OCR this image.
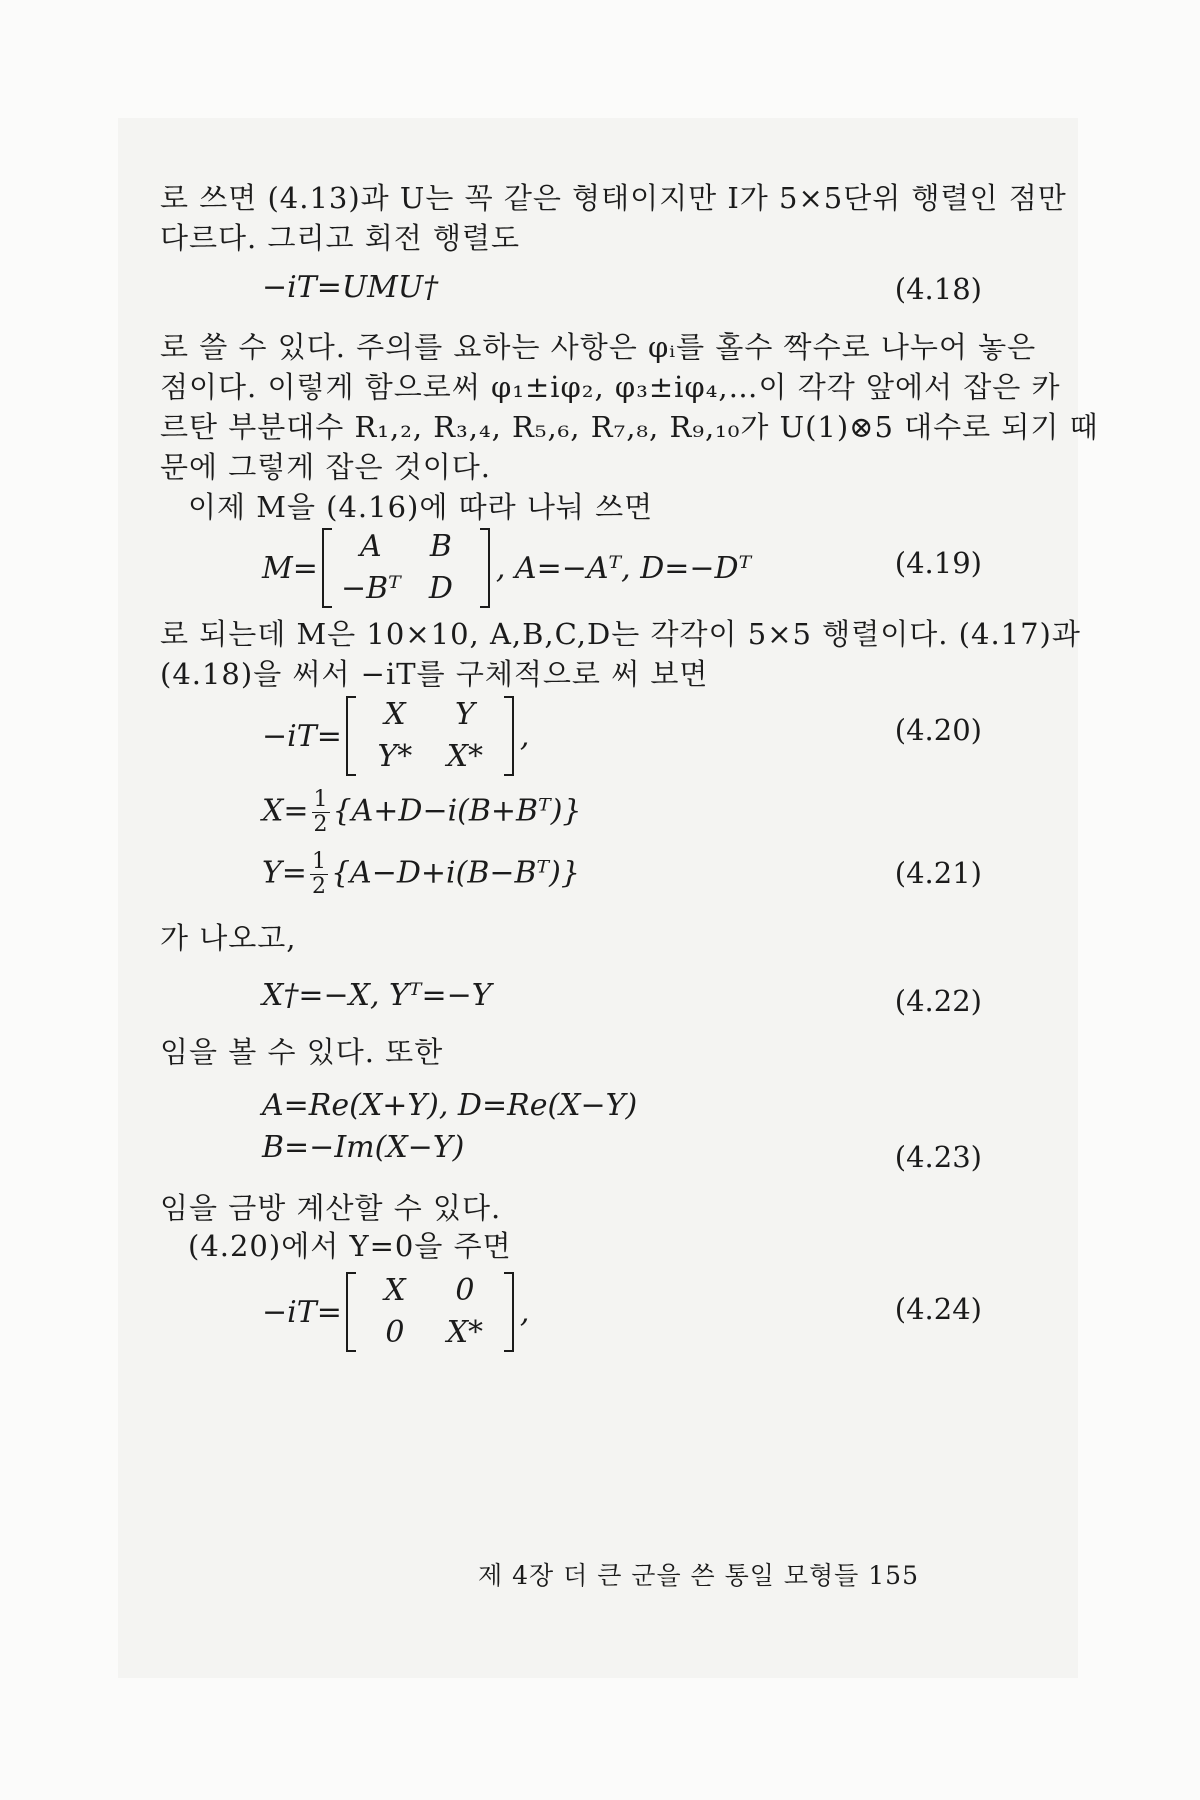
로 쓰면 (4.13)과 U는 꼭 같은 형태이지만 I가 5×5단위 행렬인 점만
다르다. 그리고 회전 행렬도
−iT=UMU†	(4.18)
로 쓸 수 있다. 주의를 요하는 사항은 φᵢ를 홀수 짝수로 나누어 놓은
점이다. 이렇게 함으로써 φ₁±iφ₂, φ₃±iφ₄,…이 각각 앞에서 잡은 카
르탄 부분대수 R₁,₂, R₃,₄, R₅,₆, R₇,₈, R₉,₁₀가 U(1)⊗5 대수로 되기 때
문에 그렇게 잡은 것이다.
이제 M을 (4.16)에 따라 나눠 쓰면
M=
A	B
−Bᵀ D
, A=−Aᵀ, D=−Dᵀ	(4.19)
로 되는데 M은 10×10, A,B,C,D는 각각이 5×5 행렬이다. (4.17)과
(4.18)을 써서 −iT를 구체적으로 써 보면
−iT=
X	Y
Y*	X*
,	(4.20)
$X= \frac{1}{2}$ {A+D−i(B+Bᵀ)}
$Y= \frac{1}{2}$ {A−D+i(B−Bᵀ)}	(4.21)
가 나오고,
X†=−X, Yᵀ=−Y	(4.22)
임을 볼 수 있다. 또한
A=Re(X+Y), D=Re(X−Y)
B=−Im(X−Y)	(4.23)
임을 금방 계산할 수 있다.
(4.20)에서 Y=0을 주면
−iT=
X	0
0	X*
,	(4.24)
제 4장 더 큰 군을 쓴 통일 모형들 155
